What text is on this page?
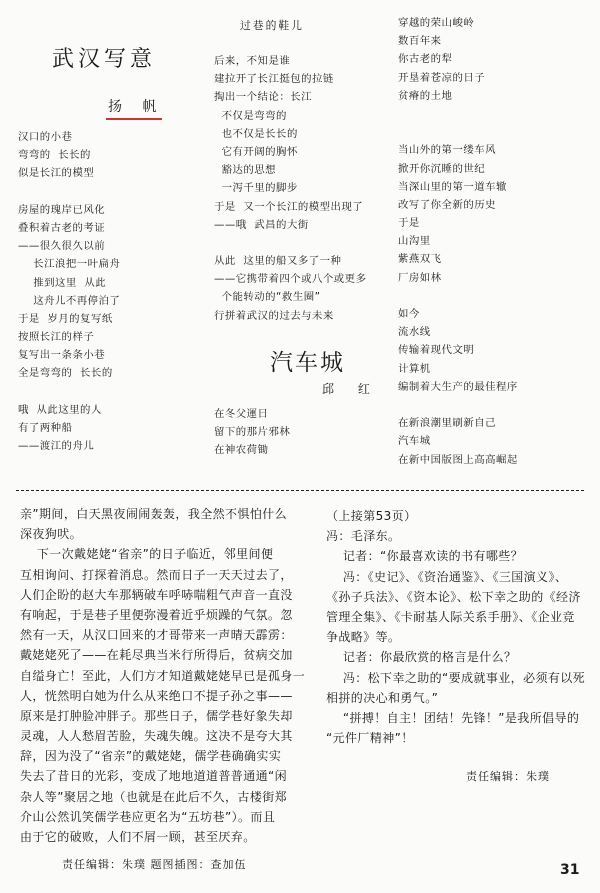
武汉写意
扬 帆
汉口的小巷
弯弯的  长长的
似是长江的模型
房屋的瑰岸已风化
叠积着古老的考证
——很久很久以前
长江浪把一叶扁舟
推到这里  从此
这舟儿不再停泊了
于是  岁月的复写纸
按照长江的样子
复写出一条条小巷
全是弯弯的  长长的
哦  从此这里的人
有了两种船
——渡江的舟儿
过巷的鞋儿
后来，不知是谁
建拉开了长江挺包的拉链
掏出一个结论：长江
不仅是弯弯的
也不仅是长长的
它有开阔的胸怀
豁达的思想
一泻千里的脚步
于是  又一个长江的模型出现了
——哦  武昌的大街
从此  这里的船又多了一种
——它携带着四个或八个或更多
个能转动的“救生圈”
行拼着武汉的过去与未来
汽车城
邱 红
在冬父運日
留下的那片邪林
在神农荷锄
穿越的荣山峻岭
数百年来
你古老的犁
开垦着苍凉的日子
贫瘠的土地
当山外的第一缕车风
掀开你沉睡的世纪
当深山里的第一道车辙
改写了你全新的历史
于是
山沟里
紫燕双飞
厂房如林
如今
流水线
传输着现代文明
计算机
编制着大生产的最佳程序
在新浪潮里刷新自己
汽车城
在新中国版图上高高崛起
亲”期间，白天黑夜闹闹轰轰，我全然不惧怕什么
深夜狗吠。
下一次戴姥姥“省亲”的日子临近，邻里间便
互相询问、打探着消息。然而日子一天天过去了，
人们企盼的赵大车那辆破车呼哧喘粗气声音一直没
有响起，于是巷子里便弥漫着近乎烦躁的气氛。忽
然有一天，从汉口回来的才哥带来一声晴天霹雳：
戴姥姥死了——在耗尽典当米行所得后，贫病交加
自缢身亡！至此，人们方才知道戴姥姥早已是孤身一
人，恍然明白她为什么从来绝口不提子孙之事——
原来是打肿脸冲胖子。那些日子，儒学巷好象失却
灵魂，人人愁眉苦脸，失魂失魄。这决不是夸大其
辞，因为没了“省亲”的戴姥姥，儒学巷确确实实
失去了昔日的光彩，变成了地地道道普普通通“闲
杂人等”聚居之地（也就是在此后不久，古楼街郑
介山公然讥笑儒学巷应更名为“五坊巷”）。而且
由于它的破败，人们不屑一顾，甚至厌弃。
责任编辑：朱璞 题图插图：查加伍
（上接第53页）
冯：毛泽东。
记者：“你最喜欢读的书有哪些？
冯：《史记》、《资治通鉴》、《三国演义》、
《孙子兵法》、《资本论》、松下幸之助的《经济
管理全集》、《卡耐基人际关系手册》、《企业竞
争战略》等。
记者：你最欣赏的格言是什么？
冯：松下幸之助的“要成就事业，必须有以死
相拼的决心和勇气。”
“拼搏！自主！团结！先锋！”是我所倡导的
“元件厂精神”！
责任编辑：朱璞
31
